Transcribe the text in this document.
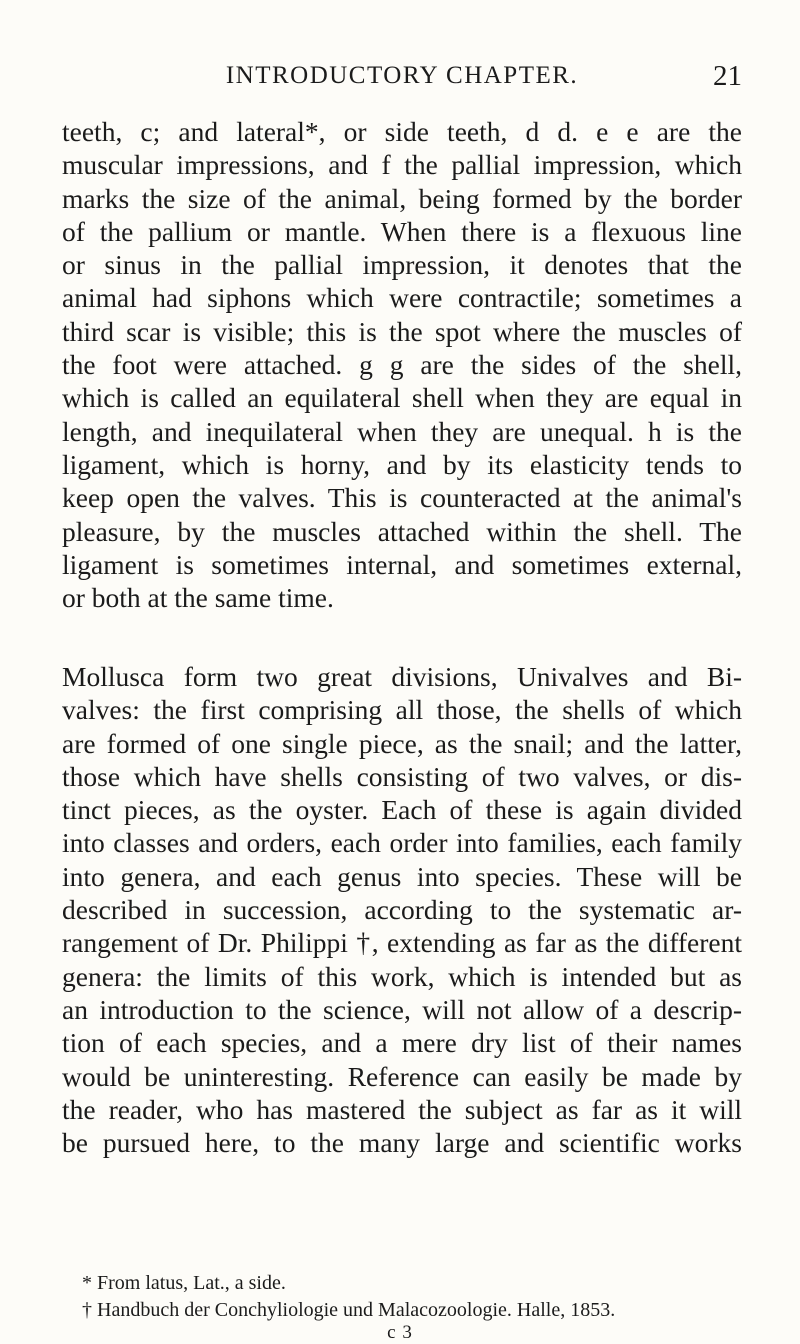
INTRODUCTORY CHAPTER.	21
teeth, c; and lateral*, or side teeth, d d. e e are the
muscular impressions, and f the pallial impression, which
marks the size of the animal, being formed by the border
of the pallium or mantle. When there is a flexuous line
or sinus in the pallial impression, it denotes that the
animal had siphons which were contractile; sometimes a
third scar is visible; this is the spot where the muscles of
the foot were attached. g g are the sides of the shell,
which is called an equilateral shell when they are equal in
length, and inequilateral when they are unequal. h is the
ligament, which is horny, and by its elasticity tends to
keep open the valves. This is counteracted at the animal's
pleasure, by the muscles attached within the shell. The
ligament is sometimes internal, and sometimes external,
or both at the same time.
Mollusca form two great divisions, Univalves and Bi-
valves: the first comprising all those, the shells of which
are formed of one single piece, as the snail; and the latter,
those which have shells consisting of two valves, or dis-
tinct pieces, as the oyster. Each of these is again divided
into classes and orders, each order into families, each family
into genera, and each genus into species. These will be
described in succession, according to the systematic ar-
rangement of Dr. Philippi †, extending as far as the different
genera: the limits of this work, which is intended but as
an introduction to the science, will not allow of a descrip-
tion of each species, and a mere dry list of their names
would be uninteresting. Reference can easily be made by
the reader, who has mastered the subject as far as it will
be pursued here, to the many large and scientific works
* From latus, Lat., a side.
† Handbuch der Conchyliologie und Malacozoologie. Halle, 1853.
c 3
